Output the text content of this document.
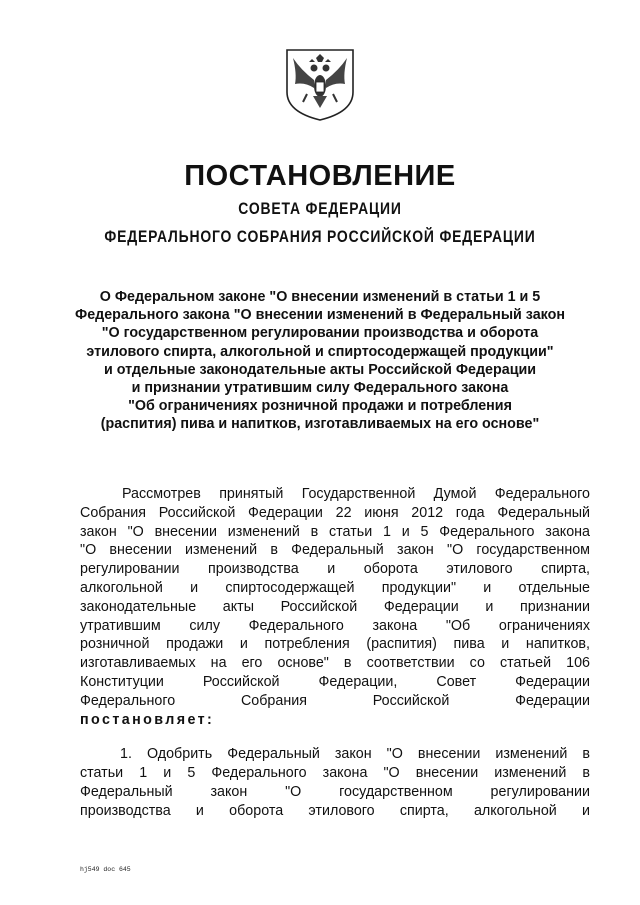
ПОСТАНОВЛЕНИЕ
СОВЕТА ФЕДЕРАЦИИ
ФЕДЕРАЛЬНОГО СОБРАНИЯ РОССИЙСКОЙ ФЕДЕРАЦИИ
О Федеральном законе "О внесении изменений в статьи 1 и 5
Федерального закона "О внесении изменений в Федеральный закон
"О государственном регулировании производства и оборота
этилового спирта, алкогольной и спиртосодержащей продукции"
и отдельные законодательные акты Российской Федерации
и признании утратившим силу Федерального закона
"Об ограничениях розничной продажи и потребления
(распития) пива и напитков, изготавливаемых на его основе"
Рассмотрев принятый Государственной Думой Федерального
Собрания Российской Федерации 22 июня 2012 года Федеральный
закон "О внесении изменений в статьи 1 и 5 Федерального закона
"О внесении изменений в Федеральный закон "О государственном
регулировании производства и оборота этилового спирта,
алкогольной и спиртосодержащей продукции" и отдельные
законодательные акты Российской Федерации и признании
утратившим силу Федерального закона "Об ограничениях
розничной продажи и потребления (распития) пива и напитков,
изготавливаемых на его основе" в соответствии со статьей 106
Конституции Российской Федерации, Совет Федерации
Федерального Собрания Российской Федерации
постановляет:
1. Одобрить Федеральный закон "О внесении изменений в
статьи 1 и 5 Федерального закона "О внесении изменений в
Федеральный закон "О государственном регулировании
производства и оборота этилового спирта, алкогольной и
hj549 doc 645
